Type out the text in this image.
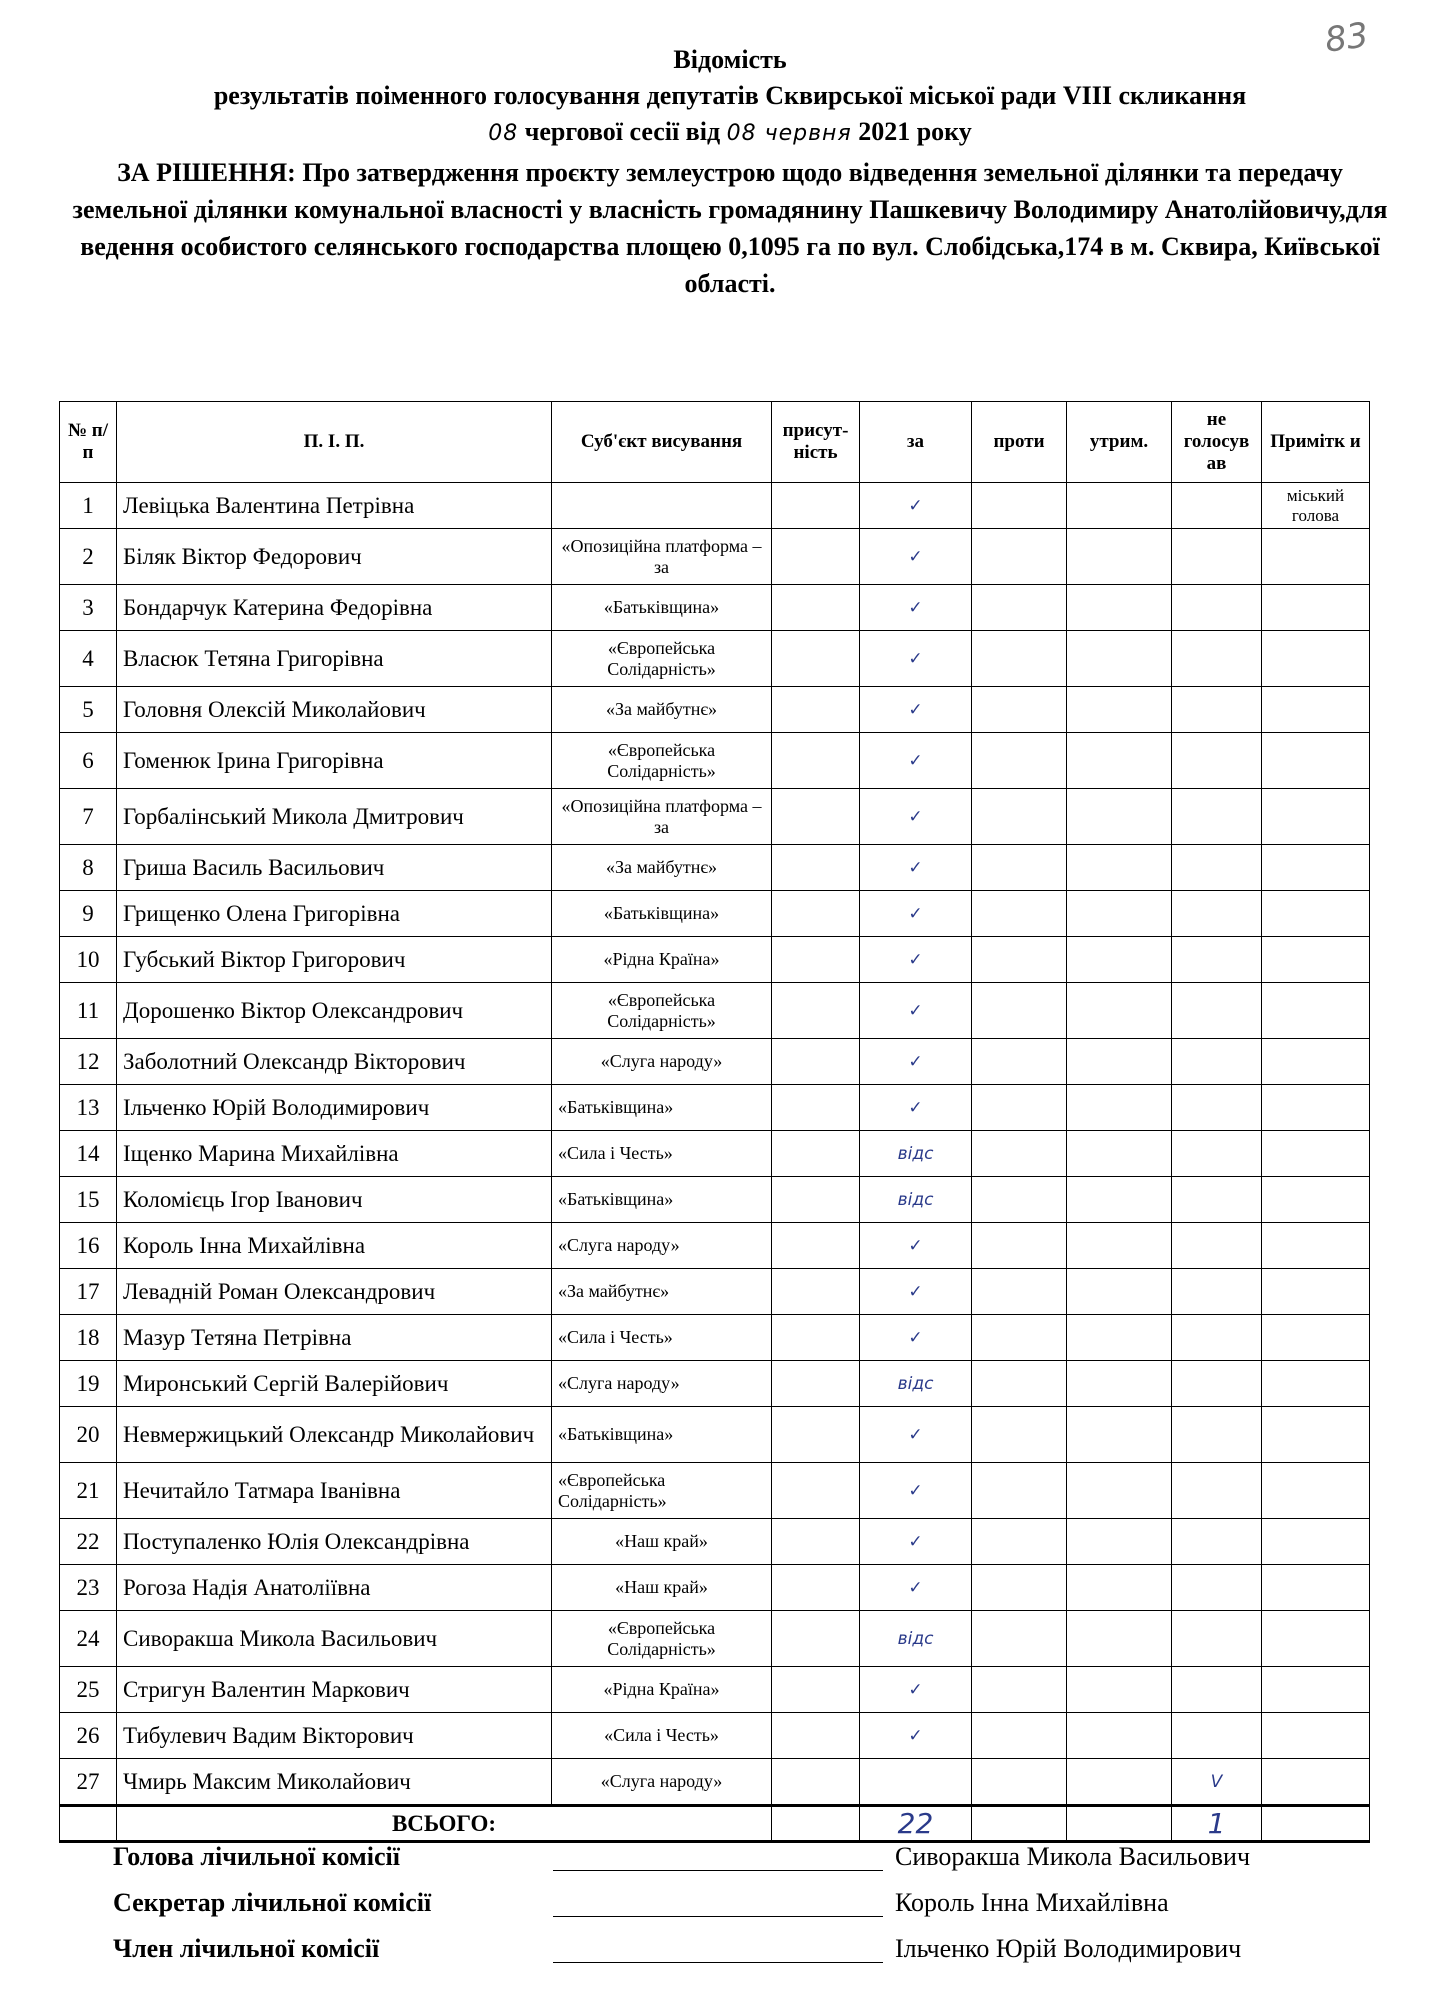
83
Відомість
результатів поіменного голосування депутатів Сквирської міської ради VIII скликання
08 чергової сесії від 08 червня 2021 року
ЗА РІШЕННЯ: Про затвердження проєкту землеустрою щодо відведення земельної ділянки та передачу земельної ділянки комунальної власності у власність громадянину Пашкевичу Володимиру Анатолійовичу,для ведення особистого селянського господарства площею 0,1095 га по вул. Слобідська,174 в м. Сквира, Київської області.
№ п/п	П. І. П.	Суб'єкт висування	присут-ність	за	проти	утрим.	не голосув ав	Примітк и
1	Левіцька Валентина Петрівна			✓				міський голова
2	Біляк Віктор Федорович	«Опозиційна платформа – за		✓				
3	Бондарчук Катерина Федорівна	«Батьківщина»		✓				
4	Власюк Тетяна Григорівна	«Європейська Солідарність»		✓				
5	Головня Олексій Миколайович	«За майбутнє»		✓				
6	Гоменюк Ірина Григорівна	«Європейська Солідарність»		✓				
7	Горбалінський Микола Дмитрович	«Опозиційна платформа – за		✓				
8	Гриша Василь Васильович	«За майбутнє»		✓				
9	Грищенко Олена Григорівна	«Батьківщина»		✓				
10	Губський Віктор Григорович	«Рідна Країна»		✓				
11	Дорошенко Віктор Олександрович	«Європейська Солідарність»		✓				
12	Заболотний Олександр Вікторович	«Слуга народу»		✓				
13	Ільченко Юрій Володимирович	«Батьківщина»		✓				
14	Іщенко Марина Михайлівна	«Сила і Честь»		відс				
15	Коломієць Ігор Іванович	«Батьківщина»		відс				
16	Король Інна Михайлівна	«Слуга народу»		✓				
17	Левадній Роман Олександрович	«За майбутнє»		✓				
18	Мазур Тетяна Петрівна	«Сила і Честь»		✓				
19	Миронський Сергій Валерійович	«Слуга народу»		відс				
20	Невмержицький Олександр Миколайович	«Батьківщина»		✓				
21	Нечитайло Татмара Іванівна	«Європейська Солідарність»		✓				
22	Поступаленко Юлія Олександрівна	«Наш край»		✓				
23	Рогоза Надія Анатоліївна	«Наш край»		✓				
24	Сиворакша Микола Васильович	«Європейська Солідарність»		відс				
25	Стригун Валентин Маркович	«Рідна Країна»		✓				
26	Тибулевич Вадим Вікторович	«Сила і Честь»		✓				
27	Чмирь Максим Миколайович	«Слуга народу»					V	
	ВСЬОГО:			22			1	
Голова лічильної комісії	Сиворакша Микола Васильович
Секретар лічильної комісії	Король Інна Михайлівна
Член лічильної комісії	Ільченко Юрій Володимирович
